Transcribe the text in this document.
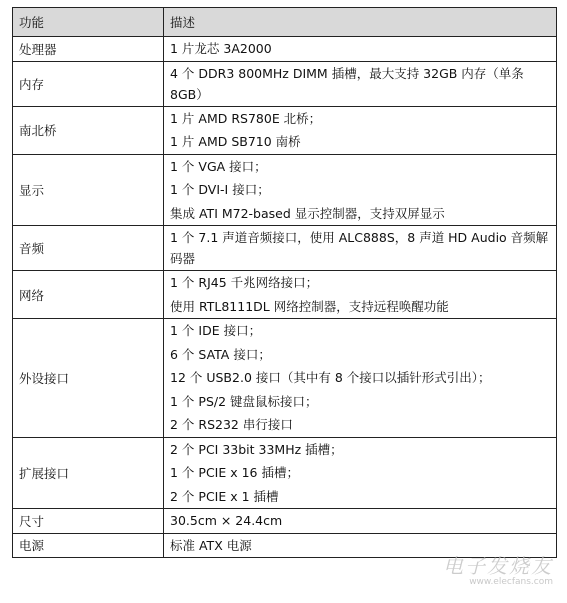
功能	描述
处理器	1 片龙芯 3A2000

内存	4 个 DDR3 800MHz DIMM 插槽，最大支持 32GB 内存（单条 8GB）

南北桥	1 片 AMD RS780E 北桥；
1 片 AMD SB710 南桥

显示	1 个 VGA 接口；
1 个 DVI-I 接口；
集成 ATI M72-based 显示控制器，支持双屏显示

音频	1 个 7.1 声道音频接口，使用 ALC888S，8 声道 HD Audio 音频解码器

网络	1 个 RJ45 千兆网络接口；
使用 RTL8111DL 网络控制器，支持远程唤醒功能

外设接口	1 个 IDE 接口；
6 个 SATA 接口；
12 个 USB2.0 接口（其中有 8 个接口以插针形式引出）；
1 个 PS/2 键盘鼠标接口；
2 个 RS232 串行接口

扩展接口	2 个 PCI 33bit 33MHz 插槽；
1 个 PCIE x 16 插槽；
2 个 PCIE x 1 插槽

尺寸	30.5cm × 24.4cm

电源	标准 ATX 电源
电子发烧友
www.elecfans.com
